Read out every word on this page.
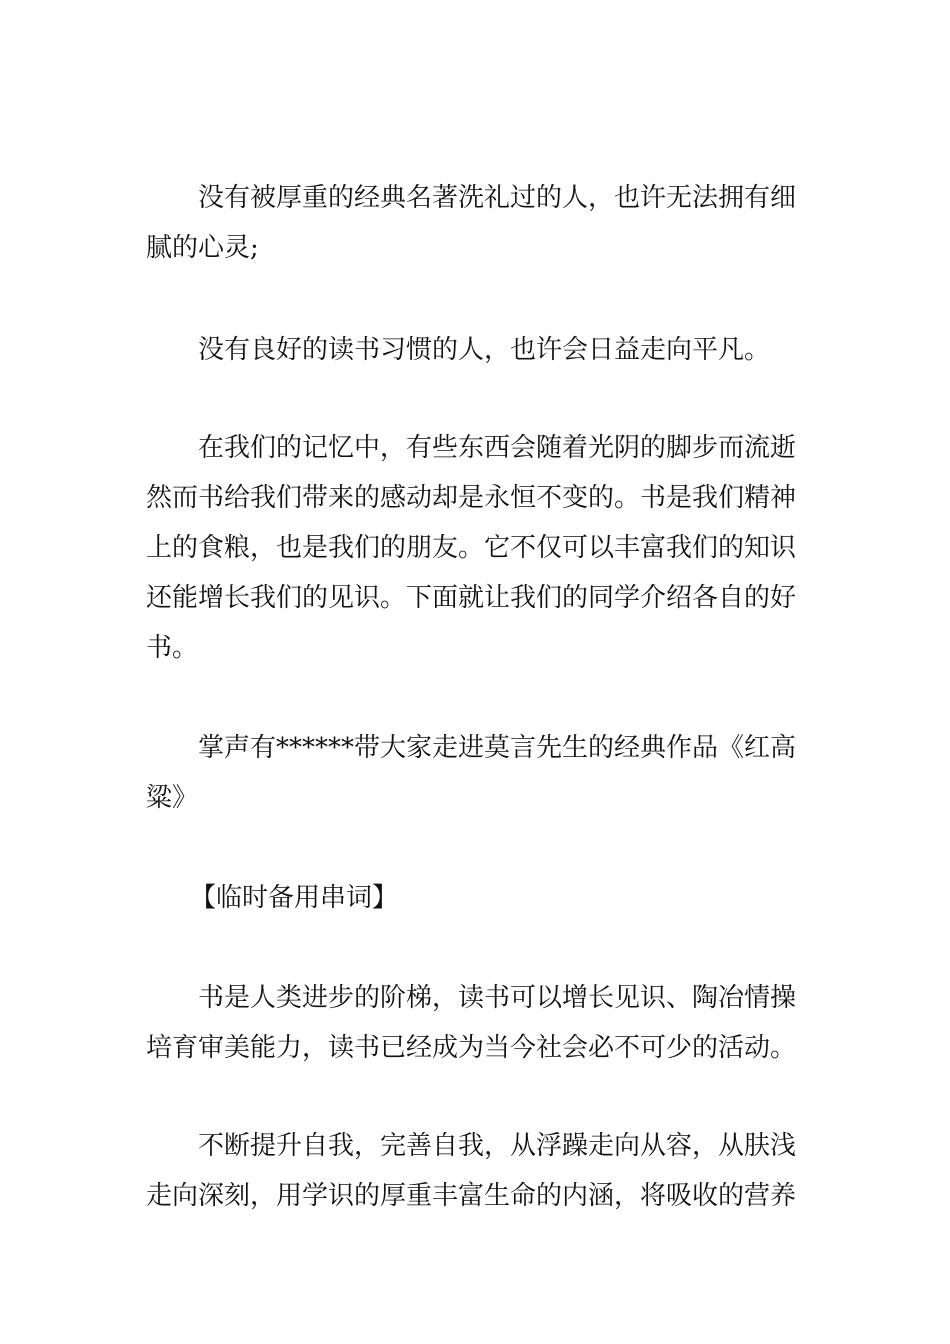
没有被厚重的经典名著洗礼过的人，也许无法拥有细

腻的心灵;

没有良好的读书习惯的人，也许会日益走向平凡。

在我们的记忆中，有些东西会随着光阴的脚步而流逝

然而书给我们带来的感动却是永恒不变的。书是我们精神

上的食粮，也是我们的朋友。它不仅可以丰富我们的知识

还能增长我们的见识。下面就让我们的同学介绍各自的好

书。

掌声有******带大家走进莫言先生的经典作品《红高

粱》

【临时备用串词】

书是人类进步的阶梯，读书可以增长见识、陶冶情操

培育审美能力，读书已经成为当今社会必不可少的活动。

不断提升自我，完善自我，从浮躁走向从容，从肤浅

走向深刻，用学识的厚重丰富生命的内涵，将吸收的营养
